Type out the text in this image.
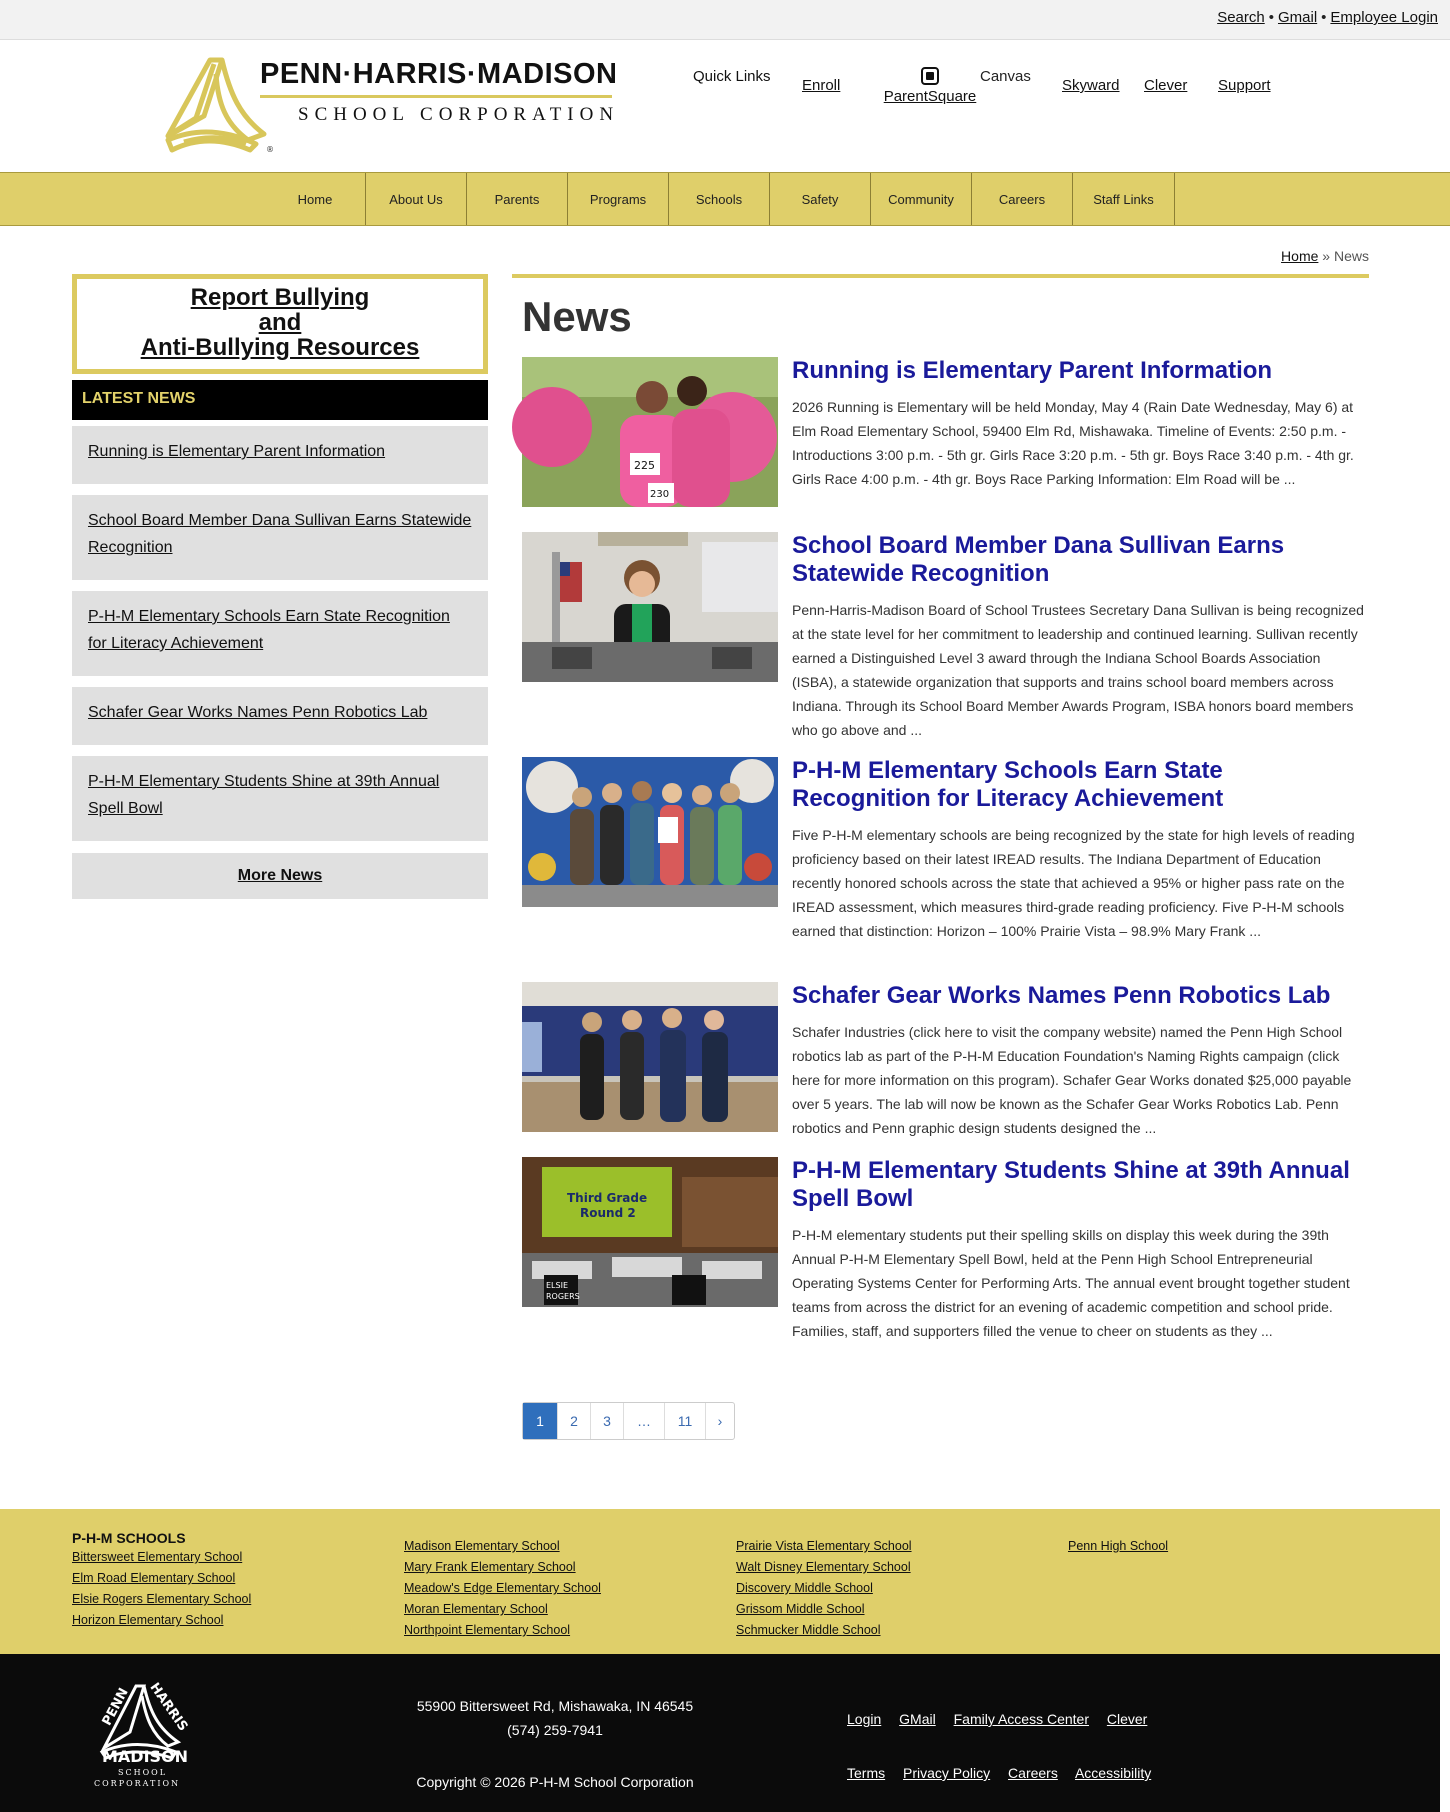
Search • Gmail • Employee Login
®
PENN·HARRIS·MADISON
SCHOOL CORPORATION
Quick Links
Enroll
ParentSquare
Canvas
Skyward Clever Support
Home	About Us	Parents	Programs	Schools	Safety	Community	Careers	Staff Links
Home » News
Report Bullying
and
Anti-Bullying Resources
LATEST NEWS
Running is Elementary Parent Information
School Board Member Dana Sullivan Earns Statewide Recognition
P-H-M Elementary Schools Earn State Recognition for Literacy Achievement
Schafer Gear Works Names Penn Robotics Lab
P-H-M Elementary Students Shine at 39th Annual Spell Bowl
More News
News
225
230
Running is Elementary Parent Information
2026 Running is Elementary will be held Monday, May 4 (Rain Date Wednesday, May 6) at Elm Road Elementary School, 59400 Elm Rd, Mishawaka. Timeline of Events: 2:50 p.m. - Introductions 3:00 p.m. - 5th gr. Girls Race 3:20 p.m. - 5th gr. Boys Race 3:40 p.m. - 4th gr. Girls Race 4:00 p.m. - 4th gr. Boys Race Parking Information: Elm Road will be ...
School Board Member Dana Sullivan Earns Statewide Recognition
Penn-Harris-Madison Board of School Trustees Secretary Dana Sullivan is being recognized at the state level for her commitment to leadership and continued learning. Sullivan recently earned a Distinguished Level 3 award through the Indiana School Boards Association (ISBA), a statewide organization that supports and trains school board members across Indiana. Through its School Board Member Awards Program, ISBA honors board members who go above and ...
P-H-M Elementary Schools Earn State Recognition for Literacy Achievement
Five P-H-M elementary schools are being recognized by the state for high levels of reading proficiency based on their latest IREAD results. The Indiana Department of Education recently honored schools across the state that achieved a 95% or higher pass rate on the IREAD assessment, which measures third-grade reading proficiency. Five P-H-M schools earned that distinction: Horizon – 100% Prairie Vista – 98.9% Mary Frank ...
Schafer Gear Works Names Penn Robotics Lab
Schafer Industries (click here to visit the company website) named the Penn High School robotics lab as part of the P-H-M Education Foundation's Naming Rights campaign (click here for more information on this program). Schafer Gear Works donated $25,000 payable over 5 years. The lab will now be known as the Schafer Gear Works Robotics Lab. Penn robotics and Penn graphic design students designed the ...
Third Grade
Round 2
ELSIE
ROGERS
P-H-M Elementary Students Shine at 39th Annual Spell Bowl
P-H-M elementary students put their spelling skills on display this week during the 39th Annual P-H-M Elementary Spell Bowl, held at the Penn High School Entrepreneurial Operating Systems Center for Performing Arts. The annual event brought together student teams from across the district for an evening of academic competition and school pride. Families, staff, and supporters filled the venue to cheer on students as they ...
1	2	3	…	11	›
P-H-M SCHOOLS
Bittersweet Elementary School
Elm Road Elementary School
Elsie Rogers Elementary School
Horizon Elementary School
Madison Elementary School
Mary Frank Elementary School
Meadow's Edge Elementary School
Moran Elementary School
Northpoint Elementary School
Prairie Vista Elementary School
Walt Disney Elementary School
Discovery Middle School
Grissom Middle School
Schmucker Middle School
Penn High School
PENN HARRIS
MADISON
SCHOOL
CORPORATION
55900 Bittersweet Rd, Mishawaka, IN 46545
(574) 259-7941
Copyright © 2026 P-H-M School Corporation
Login GMail Family Access Center Clever
Terms Privacy Policy Careers Accessibility
